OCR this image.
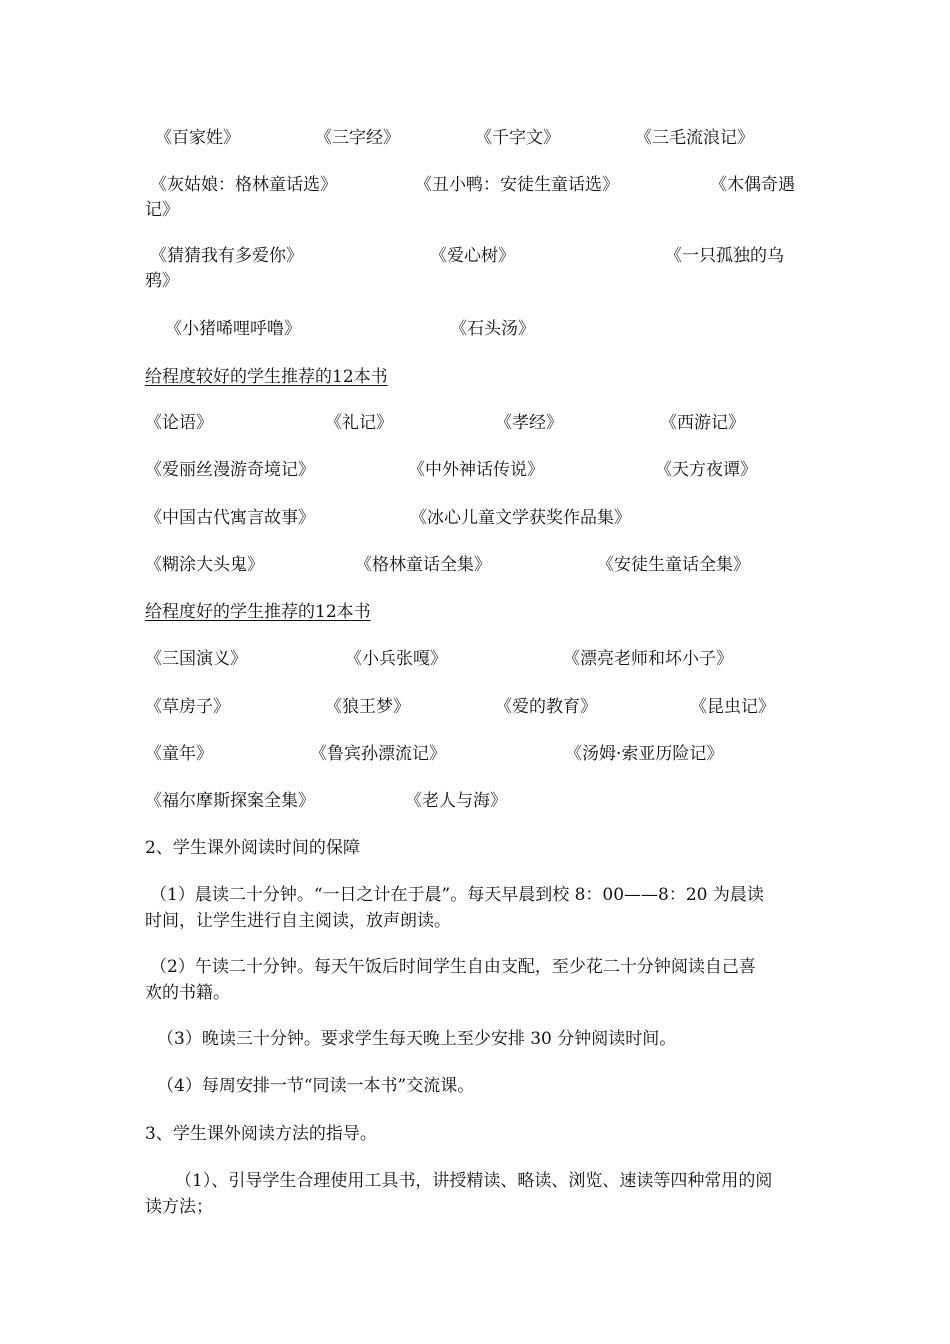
《百家姓》	《三字经》	《千字文》	《三毛流浪记》
《灰姑娘：格林童话选》	《丑小鸭：安徒生童话选》	《木偶奇遇
记》
《猜猜我有多爱你》	《爱心树》	《一只孤独的乌
鸦》
《小猪唏哩呼噜》	《石头汤》
给程度较好的学生推荐的12本书
《论语》	《礼记》	《孝经》	《西游记》
《爱丽丝漫游奇境记》	《中外神话传说》	《天方夜谭》
《中国古代寓言故事》	《冰心儿童文学获奖作品集》
《糊涂大头鬼》	《格林童话全集》	《安徒生童话全集》
给程度好的学生推荐的12本书
《三国演义》	《小兵张嘎》	《漂亮老师和坏小子》
《草房子》	《狼王梦》	《爱的教育》	《昆虫记》
《童年》	《鲁宾孙漂流记》	《汤姆·索亚历险记》
《福尔摩斯探案全集》	《老人与海》
2、学生课外阅读时间的保障
（1）晨读二十分钟。“一日之计在于晨”。每天早晨到校 8：00——8：20 为晨读
时间，让学生进行自主阅读，放声朗读。
（2）午读二十分钟。每天午饭后时间学生自由支配，至少花二十分钟阅读自己喜
欢的书籍。
（3）晚读三十分钟。要求学生每天晚上至少安排 30 分钟阅读时间。
（4）每周安排一节“同读一本书”交流课。
3、学生课外阅读方法的指导。
（1）、引导学生合理使用工具书，讲授精读、略读、浏览、速读等四种常用的阅
读方法；
